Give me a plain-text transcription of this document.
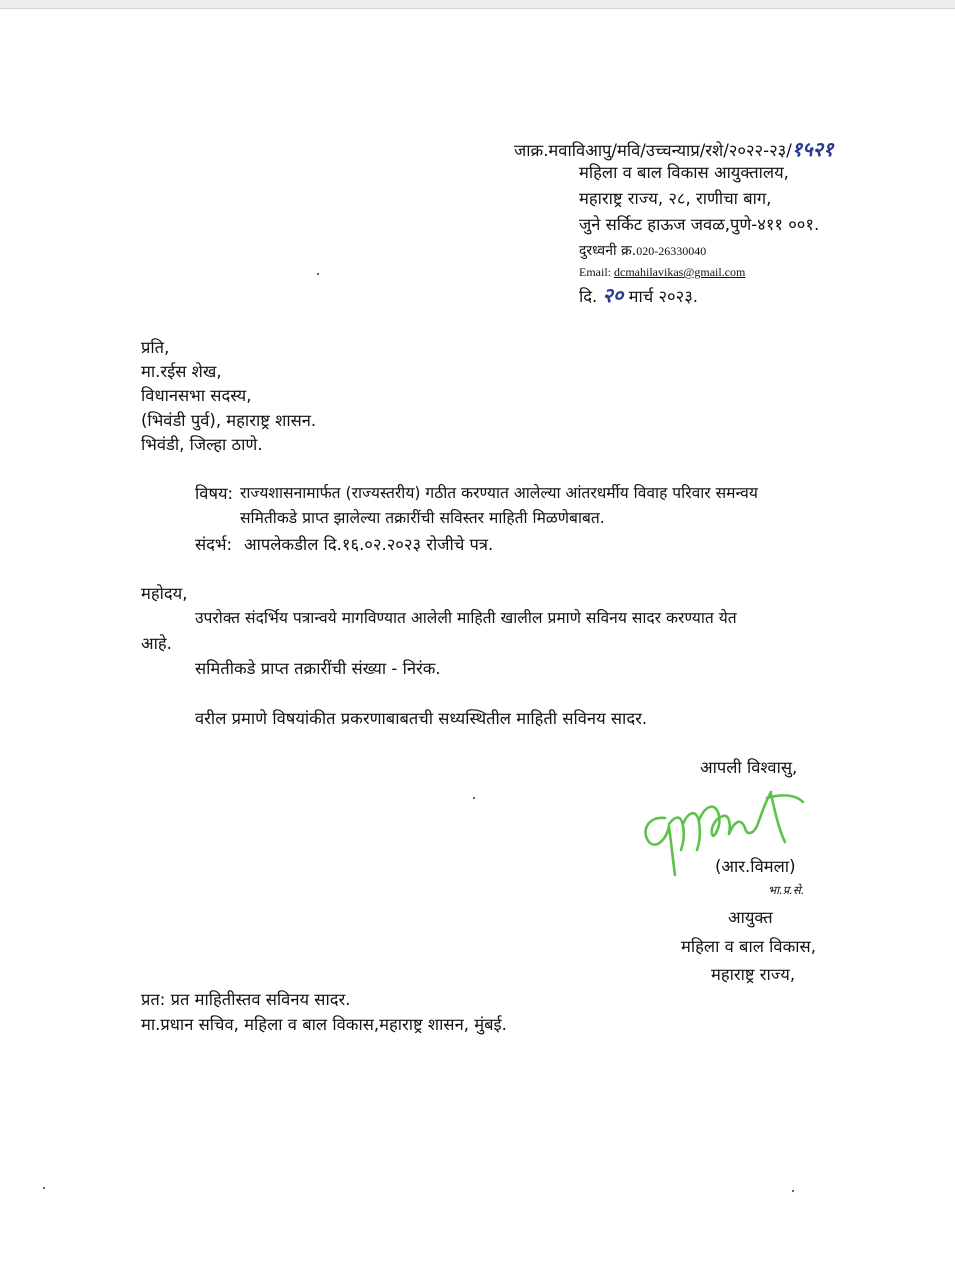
जाक्र.मवाविआपु/मवि/उच्चन्याप्र/रशे/२०२२-२३/१५२१
महिला व बाल विकास आयुक्तालय,
महाराष्ट्र राज्य, २८, राणीचा बाग,
जुने सर्किट हाऊज जवळ,पुणे-४११ ००१.
दुरध्वनी क्र.020-26330040
Email: dcmahilavikas@gmail.com
दि. २० मार्च २०२३.
प्रति,
मा.रईस शेख,
विधानसभा सदस्य,
(भिवंडी पुर्व), महाराष्ट्र शासन.
भिवंडी, जिल्हा ठाणे.
विषय: राज्यशासनामार्फत (राज्यस्तरीय) गठीत करण्यात आलेल्या आंतरधर्मीय विवाह परिवार समन्वय
समितीकडे प्राप्त झालेल्या तक्रारींची सविस्तर माहिती मिळणेबाबत.
संदर्भ: आपलेकडील दि.१६.०२.२०२३ रोजीचे पत्र.
महोदय,
उपरोक्त संदर्भिय पत्रान्वये मागविण्यात आलेली माहिती खालील प्रमाणे सविनय सादर करण्यात येत
आहे.
समितीकडे प्राप्त तक्रारींची संख्या - निरंक.
वरील प्रमाणे विषयांकीत प्रकरणाबाबतची सध्यस्थितील माहिती सविनय सादर.
आपली विश्वासु,
(आर.विमला)
भा.प्र.से.
आयुक्त
महिला व बाल विकास,
महाराष्ट्र राज्य,
प्रत: प्रत माहितीस्तव सविनय सादर.
मा.प्रधान सचिव, महिला व बाल विकास,महाराष्ट्र शासन, मुंबई.
